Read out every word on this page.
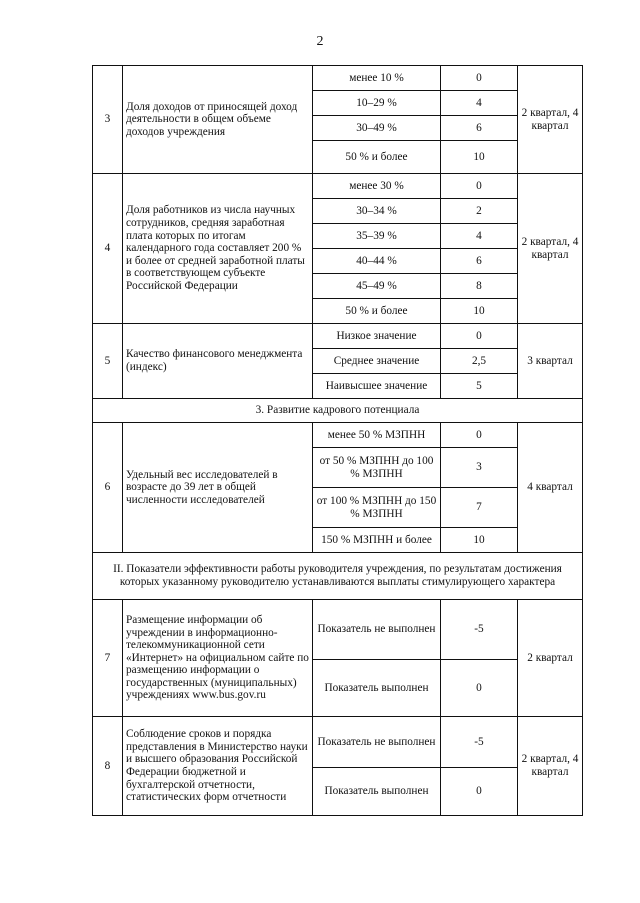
2
3	Доля доходов от приносящей доход деятельности в общем объеме доходов учреждения	менее 10 %	0	2 квартал, 4 квартал
		10–29 %	4	
		30–49 %	6	
		50 % и более	10	
4	Доля работников из числа научных сотрудников, средняя заработная плата которых по итогам календарного года составляет 200 % и более от средней заработной платы в соответствующем субъекте Российской Федерации	менее 30 %	0	2 квартал, 4 квартал
		30–34 %	2	
		35–39 %	4	
		40–44 %	6	
		45–49 %	8	
		50 % и более	10	
5	Качество финансового менеджмента (индекс)	Низкое значение	0	3 квартал
		Среднее значение	2,5	
		Наивысшее значение	5	
3. Развитие кадрового потенциала				
6	Удельный вес исследователей в возрасте до 39 лет в общей численности исследователей	менее 50 % МЗПНН	0	4 квартал
		от 50 % МЗПНН до 100 % МЗПНН	3	
		от 100 % МЗПНН до 150 % МЗПНН	7	
		150 % МЗПНН и более	10	
II. Показатели эффективности работы руководителя учреждения, по результатам достижения которых указанному руководителю устанавливаются выплаты стимулирующего характера				
7	Размещение информации об учреждении в информационно-телекоммуникационной сети «Интернет» на официальном сайте по размещению информации о государственных (муниципальных) учреждениях www.bus.gov.ru	Показатель не выполнен	-5	2 квартал
		Показатель выполнен	0	
8	Соблюдение сроков и порядка представления в Министерство науки и высшего образования Российской Федерации бюджетной и бухгалтерской отчетности, статистических форм отчетности	Показатель не выполнен	-5	2 квартал, 4 квартал
		Показатель выполнен	0	
